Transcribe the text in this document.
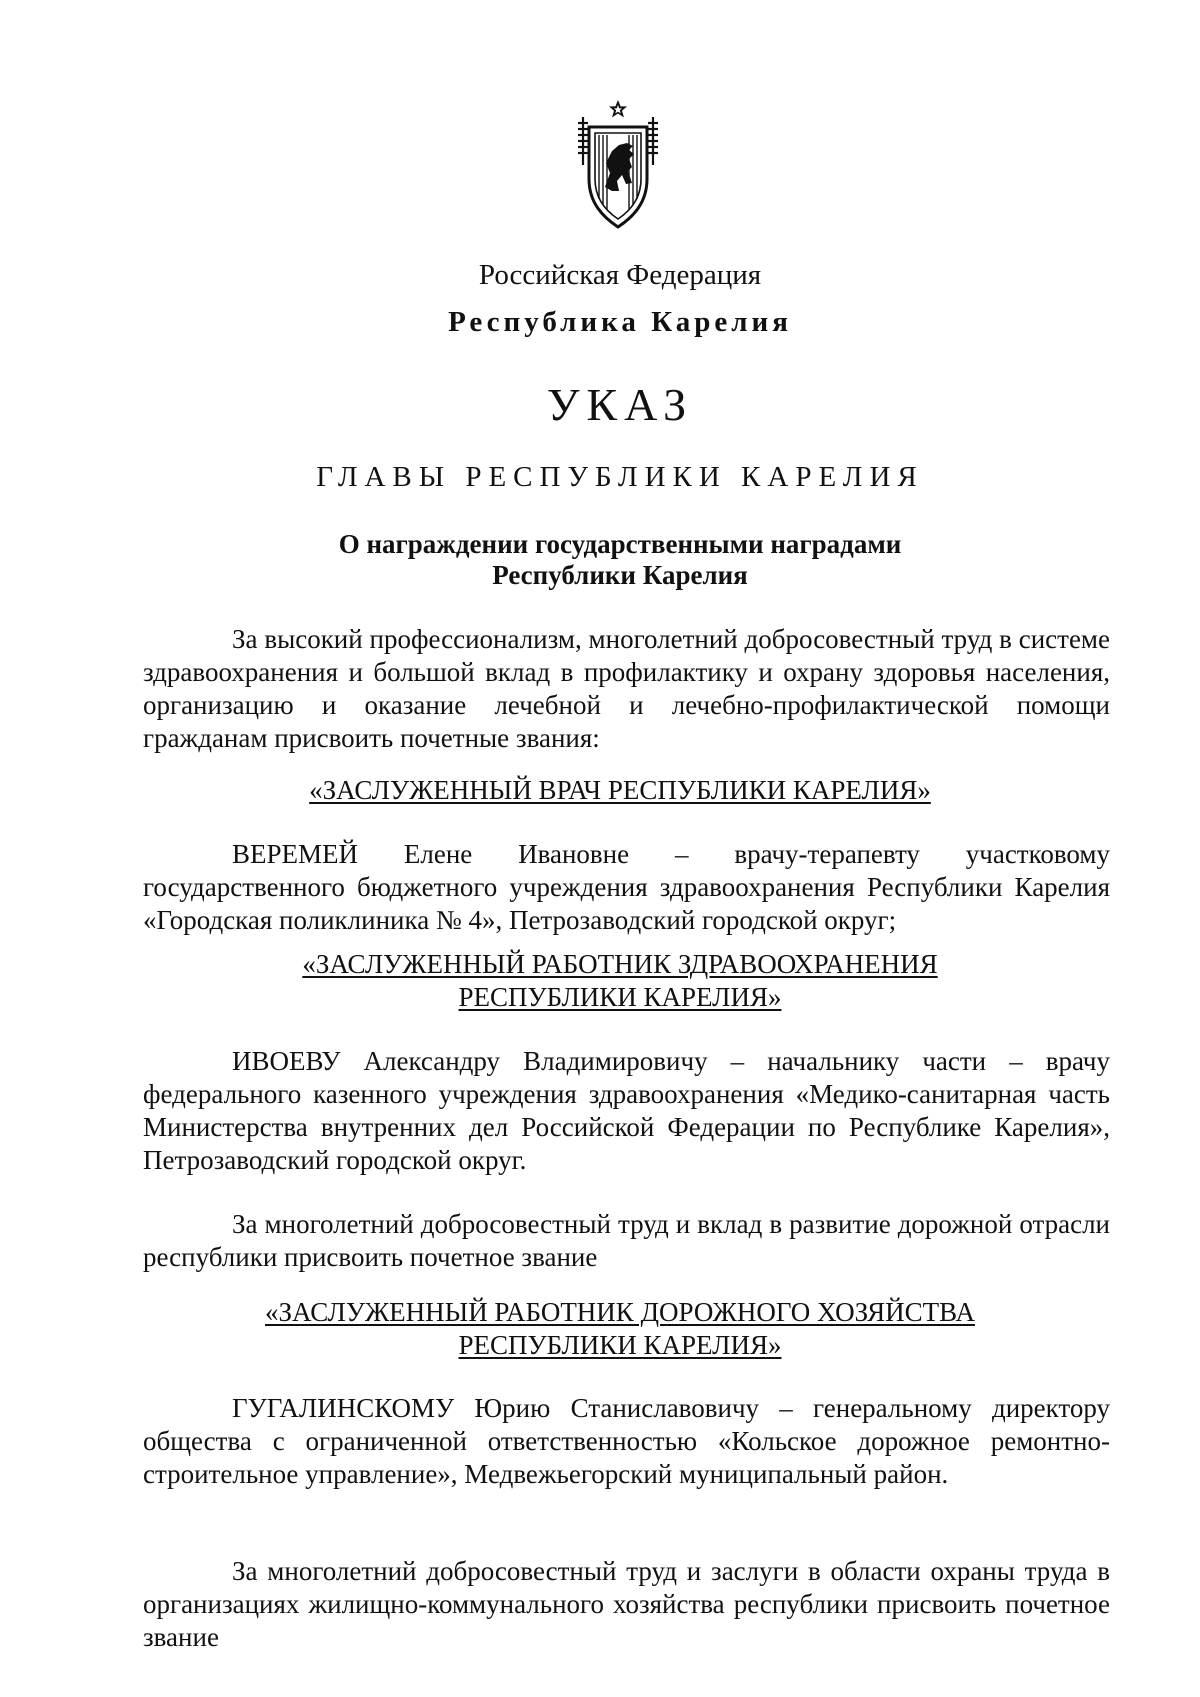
Российская Федерация
Республика Карелия
УКАЗ
ГЛАВЫ РЕСПУБЛИКИ КАРЕЛИЯ
О награждении государственными наградами
Республики Карелия
За высокий профессионализм, многолетний добросовестный труд в системе здравоохранения и большой вклад в профилактику и охрану здоровья населения, организацию и оказание лечебной и лечебно-профилактической помощи гражданам присвоить почетные звания:
«ЗАСЛУЖЕННЫЙ ВРАЧ РЕСПУБЛИКИ КАРЕЛИЯ»
ВЕРЕМЕЙ Елене Ивановне – врачу-терапевту участковому государственного бюджетного учреждения здравоохранения Республики Карелия «Городская поликлиника № 4», Петрозаводский городской округ;
«ЗАСЛУЖЕННЫЙ РАБОТНИК ЗДРАВООХРАНЕНИЯ
РЕСПУБЛИКИ КАРЕЛИЯ»
ИВОЕВУ Александру Владимировичу – начальнику части – врачу федерального казенного учреждения здравоохранения «Медико-санитарная часть Министерства внутренних дел Российской Федерации по Республике Карелия», Петрозаводский городской округ.
За многолетний добросовестный труд и вклад в развитие дорожной отрасли республики присвоить почетное звание
«ЗАСЛУЖЕННЫЙ РАБОТНИК ДОРОЖНОГО ХОЗЯЙСТВА
РЕСПУБЛИКИ КАРЕЛИЯ»
ГУГАЛИНСКОМУ Юрию Станиславовичу – генеральному директору общества с ограниченной ответственностью «Кольское дорожное ремонтно-строительное управление», Медвежьегорский муниципальный район.
За многолетний добросовестный труд и заслуги в области охраны труда в организациях жилищно-коммунального хозяйства республики присвоить почетное звание
